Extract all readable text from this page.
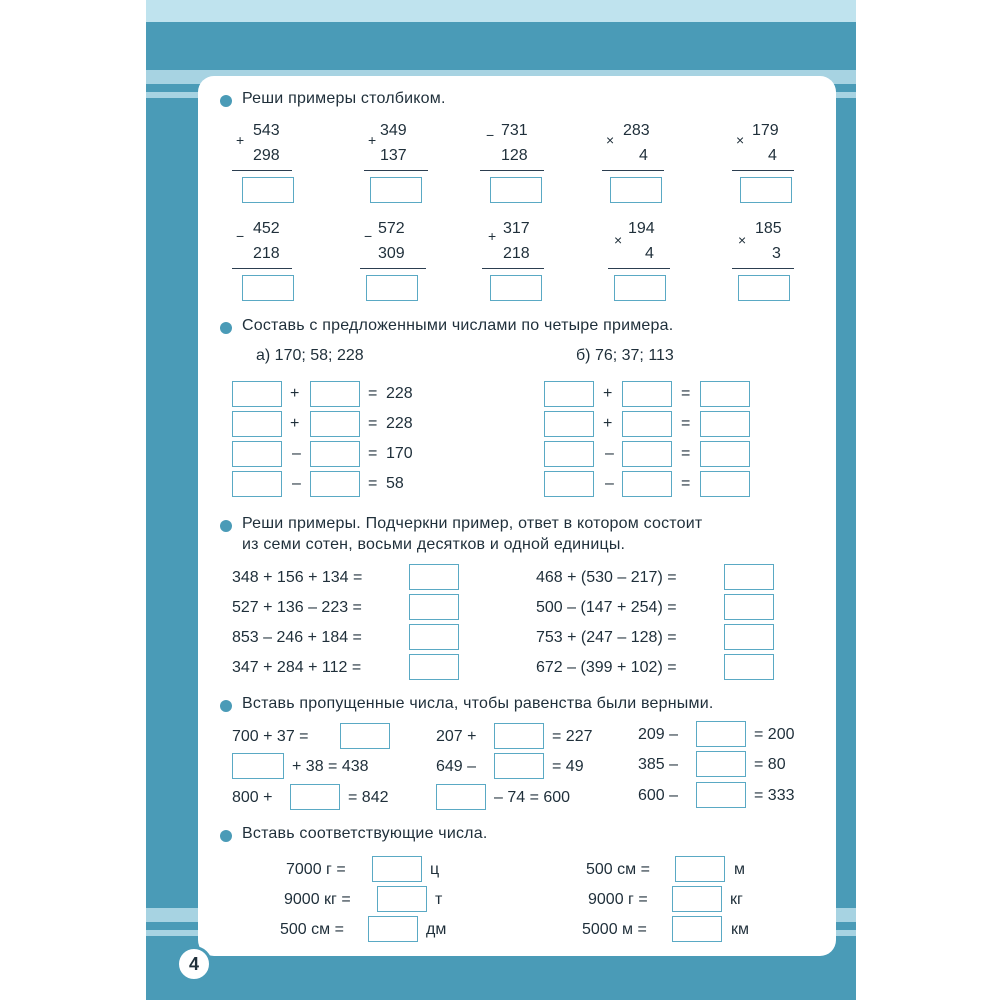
Реши примеры столбиком.
+
543
298
+
349
137
− 731
128
×
283
4
×
179
4
− 452
218
− 572
309
+ 317
218
×
194
4
×
185
3
Составь с предложенными числами по четыре примера.
а) 170; 58; 228	б) 76; 37; 113
+	= 228
+	= 228
–	= 170
–	= 58
+	=
+	=
–	=
–	=
Реши примеры. Подчеркни пример, ответ в котором состоит
из семи сотен, восьми десятков и одной единицы.
348 + 156 + 134 =
527 + 136 – 223 =
853 – 246 + 184 =
347 + 284 + 112 =
468 + (530 – 217) =
500 – (147 + 254) =
753 + (247 – 128) =
672 – (399 + 102) =
Вставь пропущенные числа, чтобы равенства были верными.
700 + 37 =
+ 38 = 438
800 +	= 842
207 +	= 227
649 –	= 49
– 74 = 600
209 –	= 200
385 –	= 80
600 –	= 333
Вставь соответствующие числа.
7000 г =	ц
9000 кг =	т
500 см =	дм
500 см =	м
9000 г =	кг
5000 м =	км
4
